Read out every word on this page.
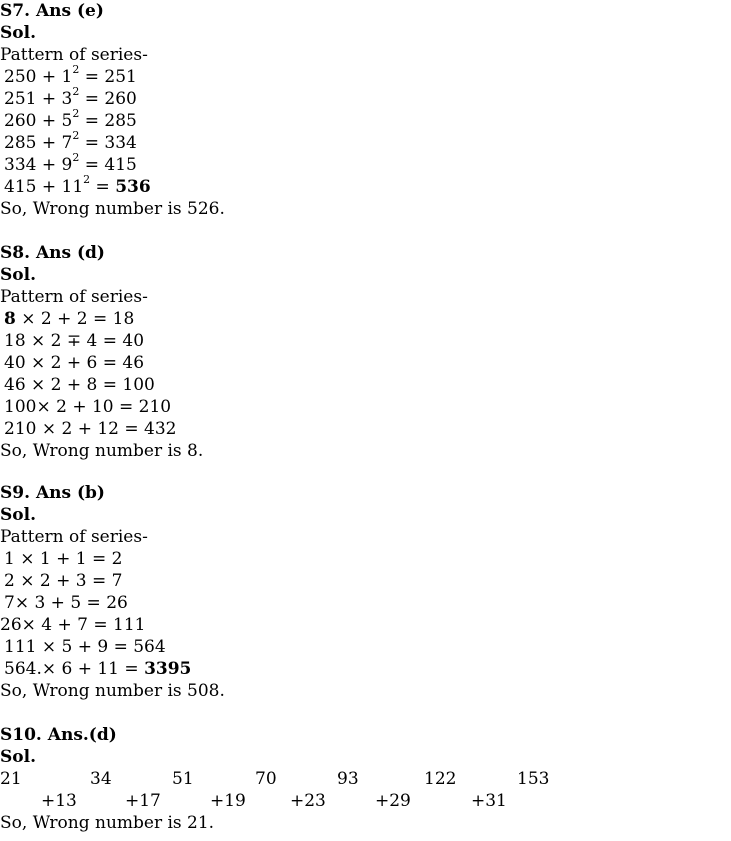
S7. Ans (e)
Sol.
Pattern of series-
$250 + 1^2 = 251$
$251 + 3^2 = 260$
$260 + 5^2 = 285$
$285 + 7^2 = 334$
$334 + 9^2 = 415$
$415 + 11^2 = 536$
So, Wrong number is 526.
S8. Ans (d)
Sol.
Pattern of series-
8 × 2 + 2 = 18
18 × 2 ∓ 4 = 40
40 × 2 + 6 = 46
46 × 2 + 8 = 100
100× 2 + 10 = 210
210 × 2 + 12 = 432
So, Wrong number is 8.
S9. Ans (b)
Sol.
Pattern of series-
1 × 1 + 1 = 2
2 × 2 + 3 = 7
7× 3 + 5 = 26
26× 4 + 7 = 111
111 × 5 + 9 = 564
564.× 6 + 11 = 3395
So, Wrong number is 508.
S10. Ans.(d)
Sol.
21	34	51	70	93	122	153
+13	+17	+19	+23	+29	+31
So, Wrong number is 21.
